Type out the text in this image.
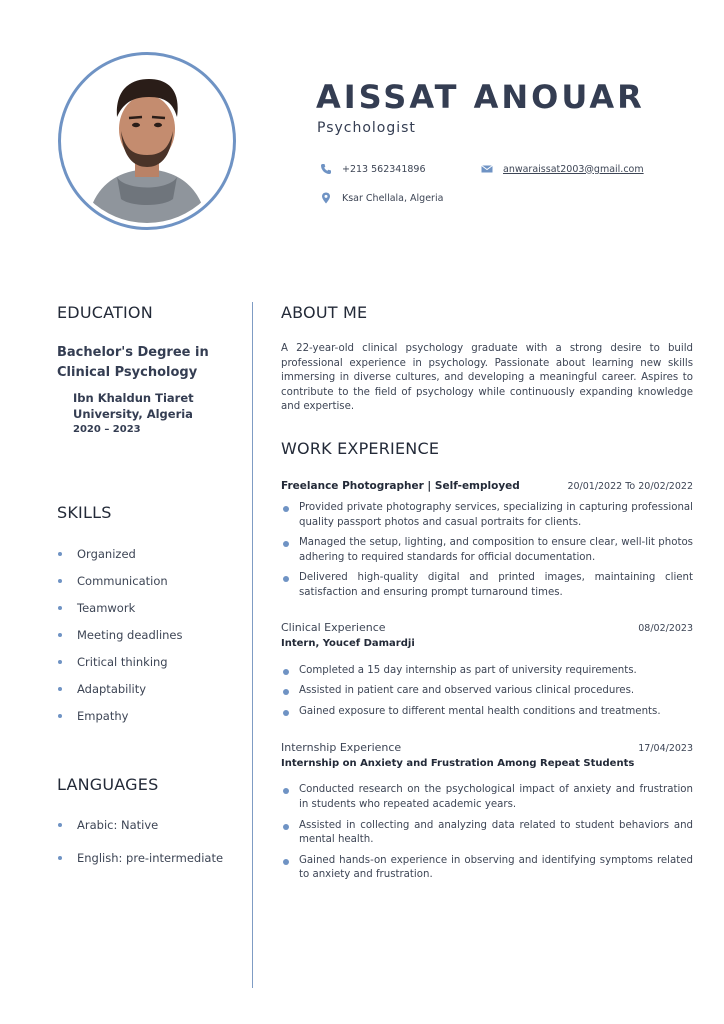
AISSAT ANOUAR
Psychologist
+213 562341896	anwaraissat2003@gmail.com
Ksar Chellala, Algeria
EDUCATION
Bachelor's Degree in Clinical Psychology
Ibn Khaldun Tiaret University, Algeria
2020 – 2023
SKILLS
Organized
Communication
Teamwork
Meeting deadlines
Critical thinking
Adaptability
Empathy
LANGUAGES
Arabic: Native
English: pre-intermediate
ABOUT ME

A 22-year-old clinical psychology graduate with a strong desire to build professional experience in psychology. Passionate about learning new skills immersing in diverse cultures, and developing a meaningful career. Aspires to contribute to the field of psychology while continuously expanding knowledge and expertise.

WORK EXPERIENCE
Freelance Photographer | Self-employed	20/01/2022 To 20/02/2022
Provided private photography services, specializing in capturing professional quality passport photos and casual portraits for clients.
Managed the setup, lighting, and composition to ensure clear, well-lit photos adhering to required standards for official documentation.
Delivered high-quality digital and printed images, maintaining client satisfaction and ensuring prompt turnaround times.
Clinical Experience	08/02/2023
Intern, Youcef Damardji
Completed a 15 day internship as part of university requirements.
Assisted in patient care and observed various clinical procedures.
Gained exposure to different mental health conditions and treatments.
Internship Experience	17/04/2023
Internship on Anxiety and Frustration Among Repeat Students
Conducted research on the psychological impact of anxiety and frustration in students who repeated academic years.
Assisted in collecting and analyzing data related to student behaviors and mental health.
Gained hands-on experience in observing and identifying symptoms related to anxiety and frustration.
